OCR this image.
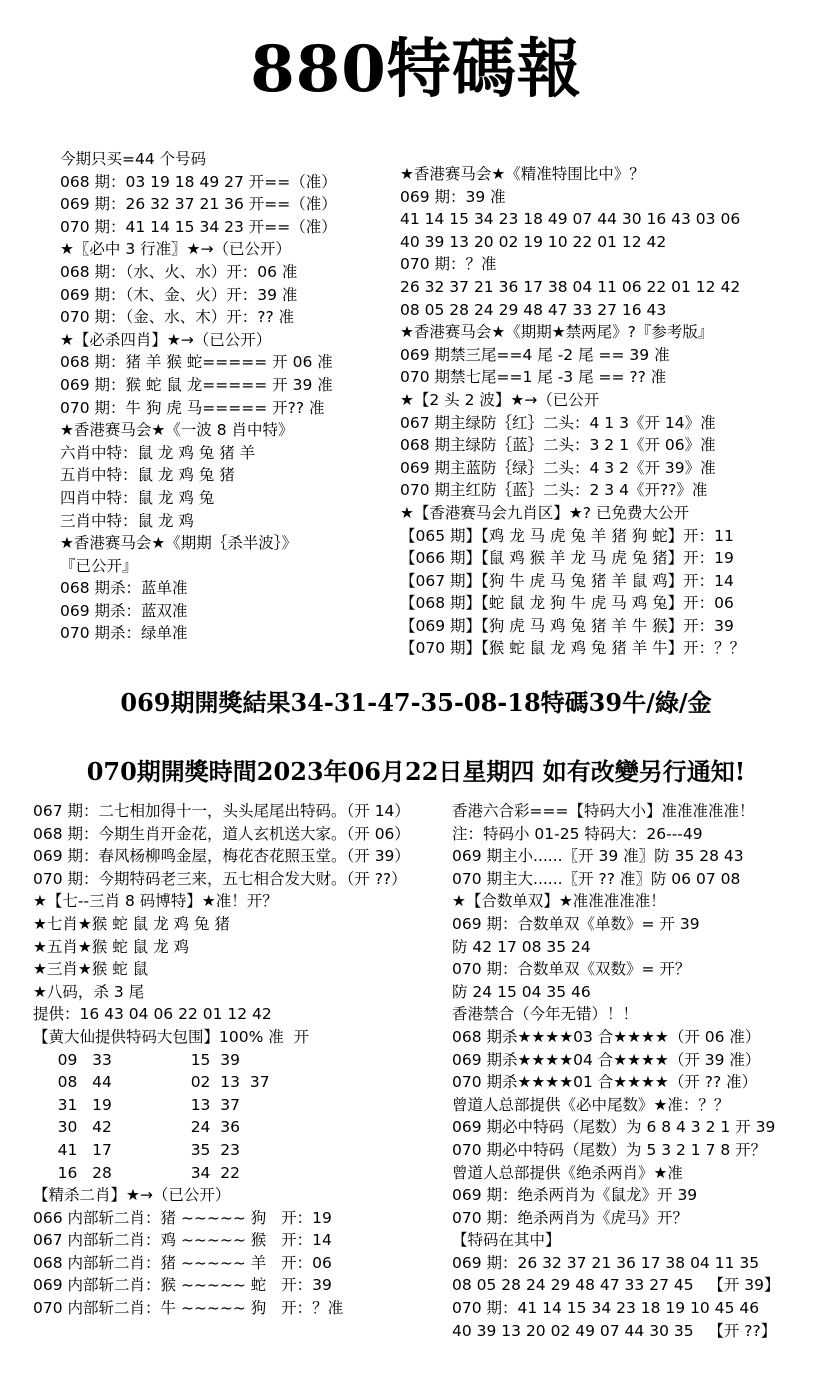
880特碼報
今期只买=44 个号码
068 期：03 19 18 49 27 开==（准）
069 期：26 32 37 21 36 开==（准）
070 期：41 14 15 34 23 开==（准）
★〖必中 3 行准〗★→（已公开）
068 期：（水、火、水）开：06 准
069 期：（木、金、火）开：39 准
070 期：（金、水、木）开：?? 准
★【必杀四肖】★→（已公开）
068 期：猪 羊 猴 蛇===== 开 06 准
069 期：猴 蛇 鼠 龙===== 开 39 准
070 期：牛 狗 虎 马===== 开?? 准
★香港赛马会★《一波 8 肖中特》
六肖中特：鼠 龙 鸡 兔 猪 羊
五肖中特：鼠 龙 鸡 兔 猪
四肖中特：鼠 龙 鸡 兔
三肖中特：鼠 龙 鸡
★香港赛马会★《期期｛杀半波｝》
『已公开』
068 期杀：蓝单准
069 期杀：蓝双准
070 期杀：绿单准
★香港赛马会★《精准特围比中》？
069 期：39 准
41 14 15 34 23 18 49 07 44 30 16 43 03 06
40 39 13 20 02 19 10 22 01 12 42
070 期：？准
26 32 37 21 36 17 38 04 11 06 22 01 12 42
08 05 28 24 29 48 47 33 27 16 43
★香港赛马会★《期期★禁两尾》?『参考版』
069 期禁三尾==4 尾 -2 尾 == 39 准
070 期禁七尾==1 尾 -3 尾 == ?? 准
★【2 头 2 波】★→（已公开
067 期主绿防｛红｝二头：4 1 3《开 14》准
068 期主绿防｛蓝｝二头：3 2 1《开 06》准
069 期主蓝防｛绿｝二头：4 3 2《开 39》准
070 期主红防｛蓝｝二头：2 3 4《开??》准
★【香港赛马会九肖区】★? 已免费大公开
【065 期】【鸡 龙 马 虎 兔 羊 猪 狗 蛇】开：11
【066 期】【鼠 鸡 猴 羊 龙 马 虎 兔 猪】开：19
【067 期】【狗 牛 虎 马 兔 猪 羊 鼠 鸡】开：14
【068 期】【蛇 鼠 龙 狗 牛 虎 马 鸡 兔】开：06
【069 期】【狗 虎 马 鸡 兔 猪 羊 牛 猴】开：39
【070 期】【猴 蛇 鼠 龙 鸡 兔 猪 羊 牛】开：？？
069期開獎結果34-31-47-35-08-18特碼39牛/綠/金
070期開獎時間2023年06月22日星期四 如有改變另行通知!
067 期：二七相加得十一，头头尾尾出特码。（开 14）
068 期：今期生肖开金花，道人玄机送大家。（开 06）
069 期：春风杨柳鸣金屋，梅花杏花照玉堂。（开 39）
070 期：今期特码老三来，五七相合发大财。（开 ??）
★【七--三肖 8 码博特】★准！开？
★七肖★猴 蛇 鼠 龙 鸡 兔 猪
★五肖★猴 蛇 鼠 龙 鸡
★三肖★猴 蛇 鼠
★八码，杀 3 尾
提供：16 43 04 06 22 01 12 42
【黄大仙提供特码大包围】100% 准  开
09   33                15  39
08   44                02  13  37
31   19                13  37
30   42                24  36
41   17                35  23
16   28                34  22
【精杀二肖】★→（已公开）
066 内部斩二肖：猪 ~~~~~ 狗   开：19
067 内部斩二肖：鸡 ~~~~~ 猴   开：14
068 内部斩二肖：猪 ~~~~~ 羊   开：06
069 内部斩二肖：猴 ~~~~~ 蛇   开：39
070 内部斩二肖：牛 ~~~~~ 狗   开：？准
香港六合彩===【特码大小】准准准准准！
注：特码小 01-25 特码大：26---49
069 期主小......〖开 39 准〗防 35 28 43
070 期主大......〖开 ?? 准〗防 06 07 08
★【合数单双】★准准准准准！
069 期：合数单双《单数》= 开 39
防 42 17 08 35 24
070 期：合数单双《双数》= 开？
防 24 15 04 35 46
香港禁合（今年无错）！！
068 期杀★★★★03 合★★★★（开 06 准）
069 期杀★★★★04 合★★★★（开 39 准）
070 期杀★★★★01 合★★★★（开 ?? 准）
曾道人总部提供《必中尾数》★准：？？
069 期必中特码（尾数）为 6 8 4 3 2 1 开 39
070 期必中特码（尾数）为 5 3 2 1 7 8 开？
曾道人总部提供《绝杀两肖》★准
069 期：绝杀两肖为《鼠龙》开 39
070 期：绝杀两肖为《虎马》开？
【特码在其中】
069 期：26 32 37 21 36 17 38 04 11 35
08 05 28 24 29 48 47 33 27 45   【开 39】
070 期：41 14 15 34 23 18 19 10 45 46
40 39 13 20 02 49 07 44 30 35   【开 ??】
